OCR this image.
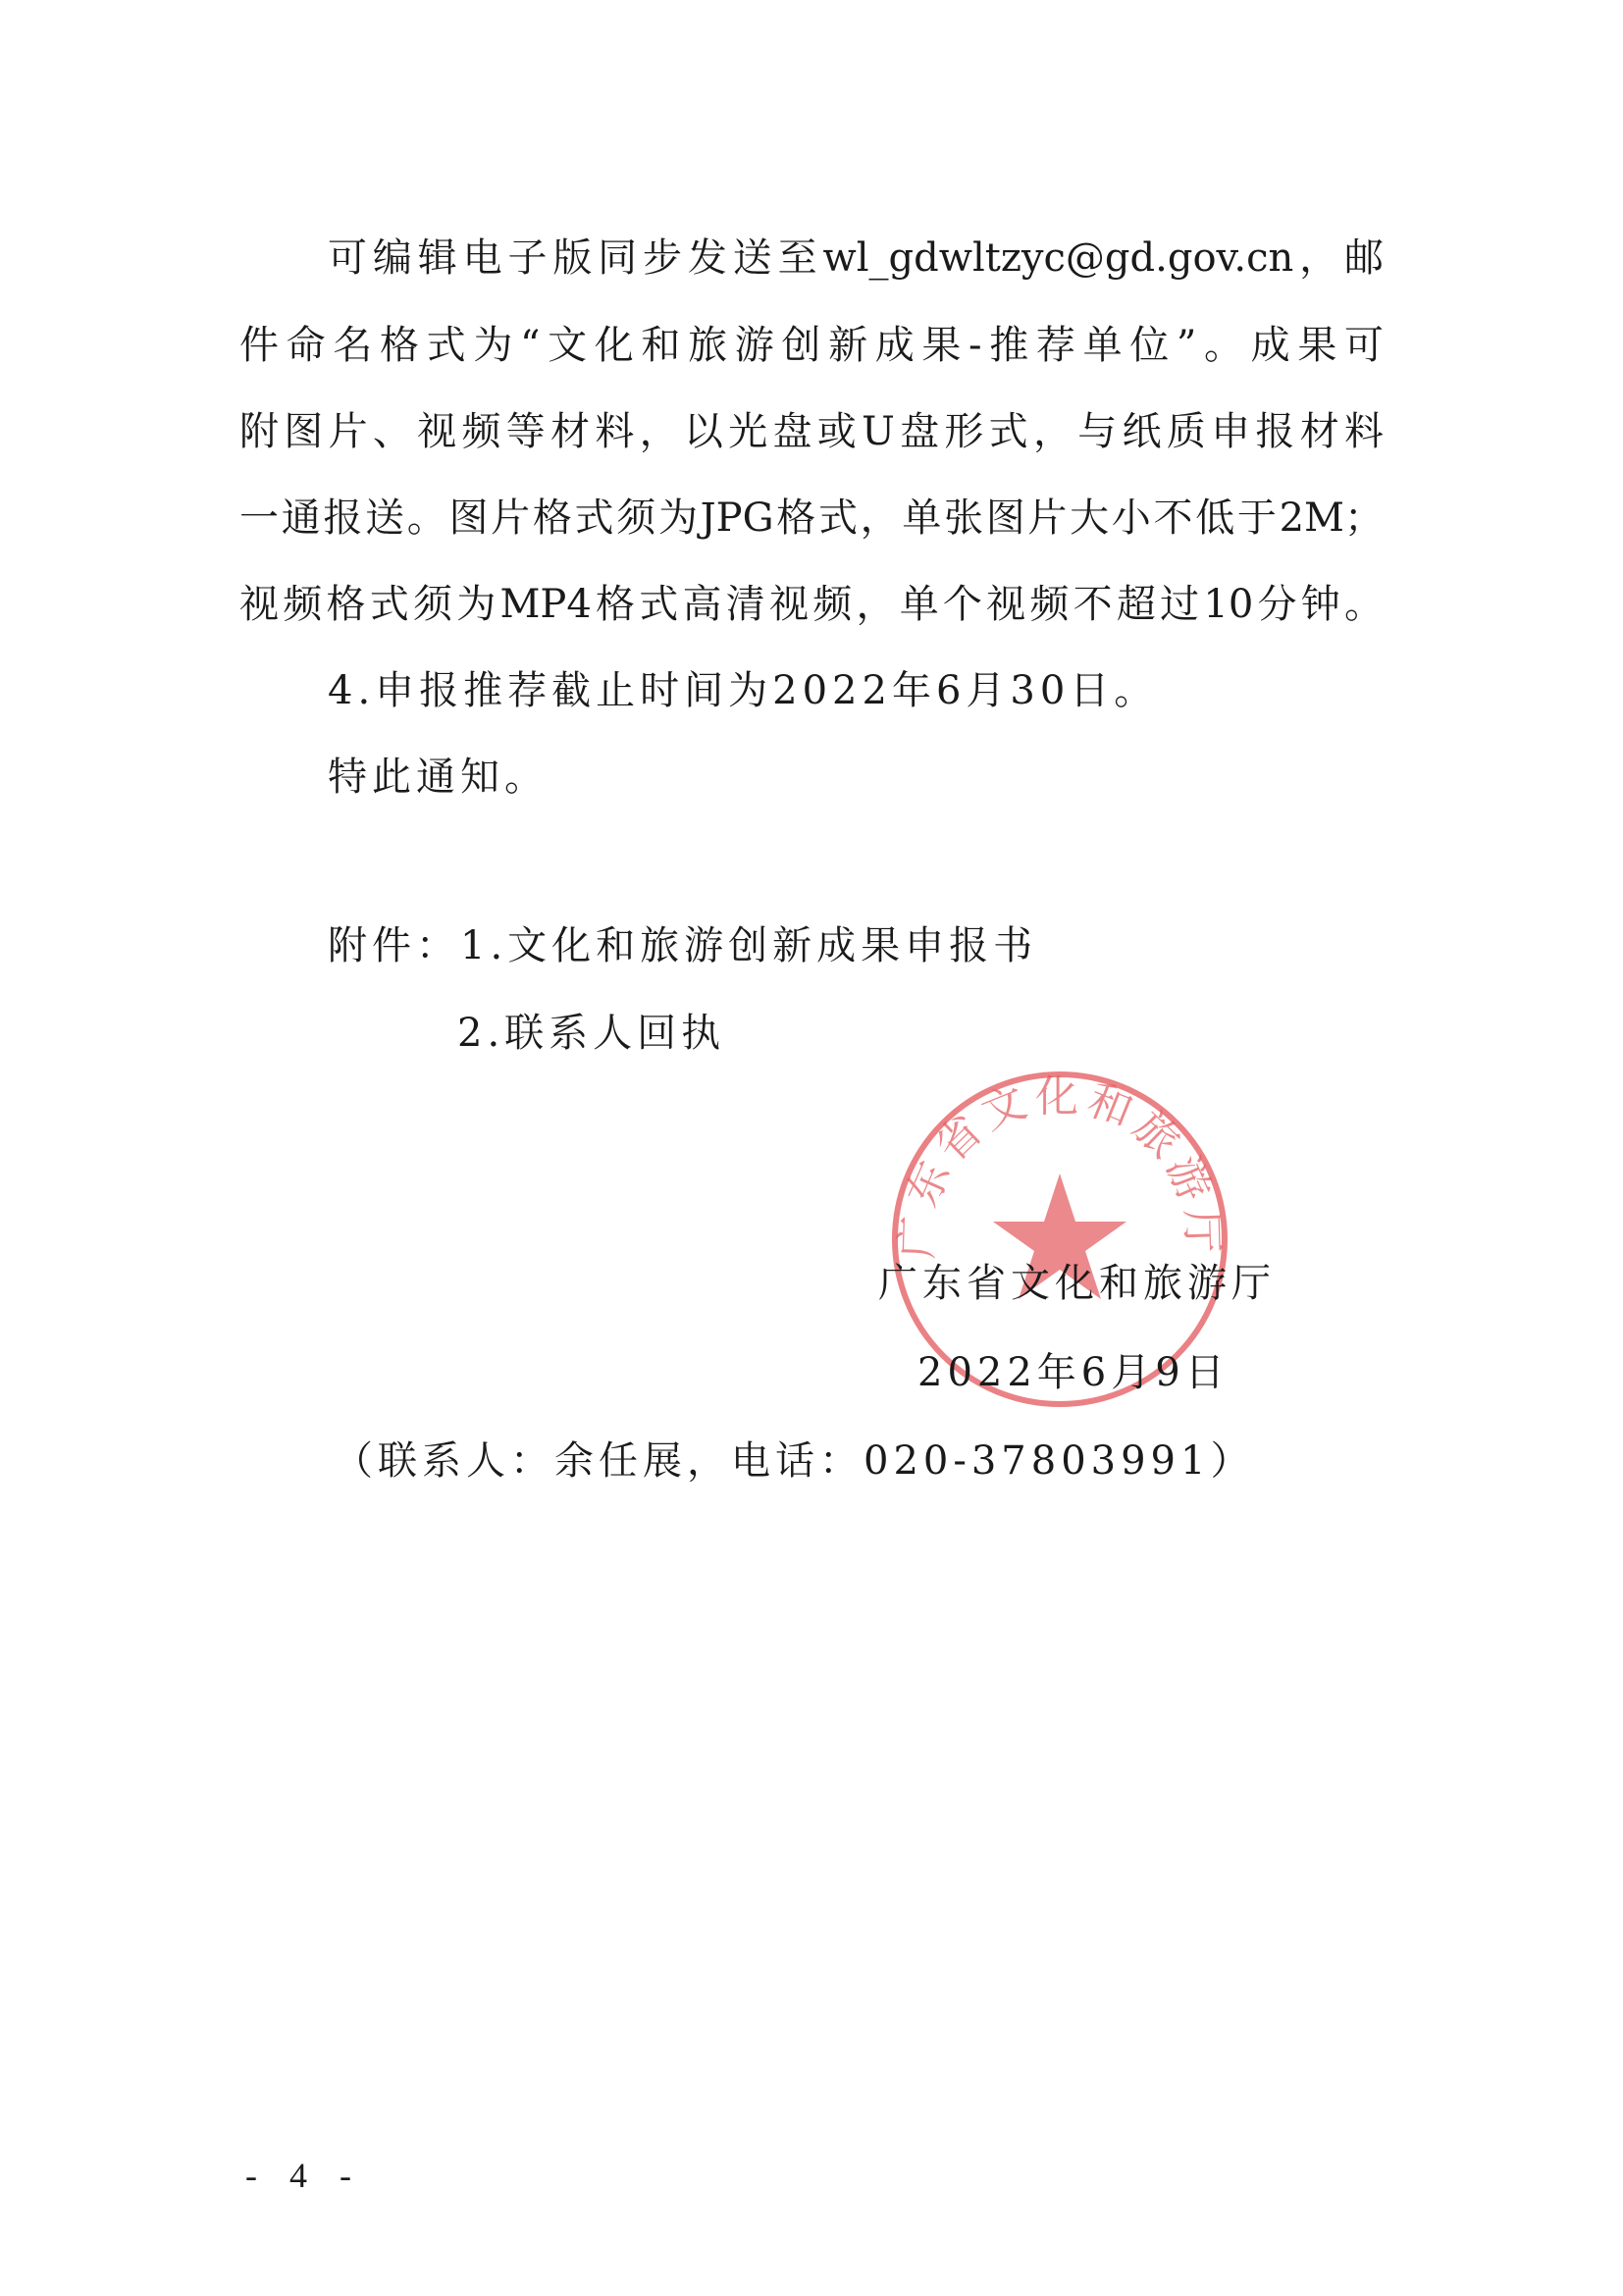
可编辑电子版同步发送至wl_gdwltzyc@gd.gov.cn，邮
件命名格式为“文化和旅游创新成果-推荐单位”。成果可
附图片、视频等材料，以光盘或U盘形式，与纸质申报材料
一通报送。图片格式须为JPG格式，单张图片大小不低于2M；
视频格式须为MP4格式高清视频，单个视频不超过10分钟。
4.申报推荐截止时间为2022年6月30日。
特此通知。
附件：1.文化和旅游创新成果申报书
2.联系人回执
广东省文化和旅游厅
广东省文化和旅游厅
2022年6月9日
（联系人：余任展，电话：020-37803991）
- 4 -
